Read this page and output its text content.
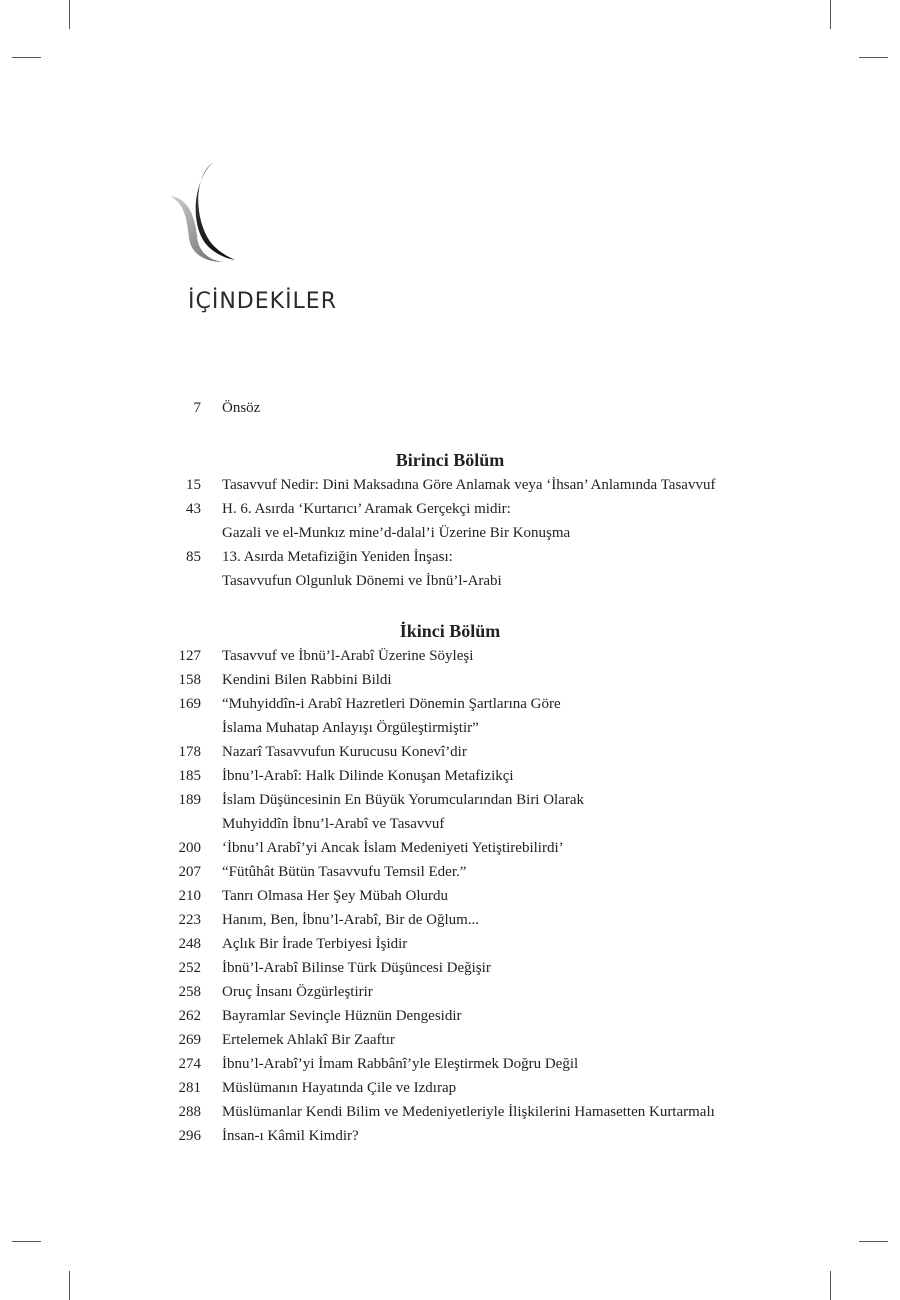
İÇİNDEKİLER
7 Önsöz
Birinci Bölüm
15 Tasavvuf Nedir: Dini Maksadına Göre Anlamak veya ‘İhsan’ Anlamında Tasavvuf
43 H. 6. Asırda ‘Kurtarıcı’ Aramak Gerçekçi midir:
Gazali ve el-Munkız mine’d-dalal’i Üzerine Bir Konuşma
85 13. Asırda Metafiziğin Yeniden İnşası:
Tasavvufun Olgunluk Dönemi ve İbnü’l-Arabi
İkinci Bölüm
127 Tasavvuf ve İbnü’l-Arabî Üzerine Söyleşi
158 Kendini Bilen Rabbini Bildi
169 “Muhyiddîn-i Arabî Hazretleri Dönemin Şartlarına Göre
İslama Muhatap Anlayışı Örgüleştirmiştir”
178 Nazarî Tasavvufun Kurucusu Konevî’dir
185 İbnu’l-Arabî: Halk Dilinde Konuşan Metafizikçi
189 İslam Düşüncesinin En Büyük Yorumcularından Biri Olarak
Muhyiddîn İbnu’l-Arabî ve Tasavvuf
200 ‘İbnu’l Arabî’yi Ancak İslam Medeniyeti Yetiştirebilirdi’
207 “Fütûhât Bütün Tasavvufu Temsil Eder.”
210 Tanrı Olmasa Her Şey Mübah Olurdu
223 Hanım, Ben, İbnu’l-Arabî, Bir de Oğlum...
248 Açlık Bir İrade Terbiyesi İşidir
252 İbnü’l-Arabî Bilinse Türk Düşüncesi Değişir
258 Oruç İnsanı Özgürleştirir
262 Bayramlar Sevinçle Hüznün Dengesidir
269 Ertelemek Ahlakî Bir Zaaftır
274 İbnu’l-Arabî’yi İmam Rabbânî’yle Eleştirmek Doğru Değil
281 Müslümanın Hayatında Çile ve Izdırap
288 Müslümanlar Kendi Bilim ve Medeniyetleriyle İlişkilerini Hamasetten Kurtarmalı
296 İnsan-ı Kâmil Kimdir?
